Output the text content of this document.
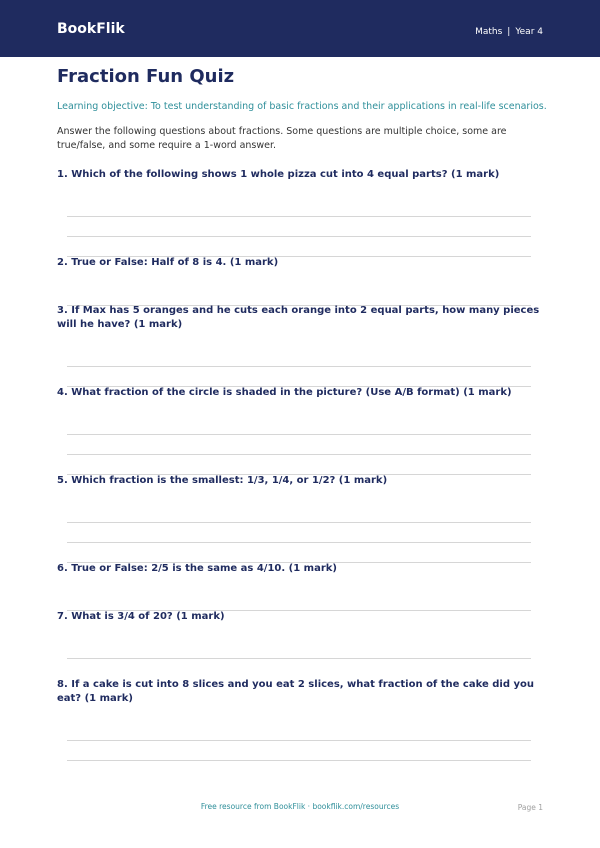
BookFlik	Maths | Year 4
Fraction Fun Quiz

Learning objective: To test understanding of basic fractions and their applications in real-life scenarios.

Answer the following questions about fractions. Some questions are multiple choice, some are true/false, and some require a 1-word answer.

1. Which of the following shows 1 whole pizza cut into 4 equal parts? (1 mark)

2. True or False: Half of 8 is 4. (1 mark)

3. If Max has 5 oranges and he cuts each orange into 2 equal parts, how many pieces will he have? (1 mark)

4. What fraction of the circle is shaded in the picture? (Use A/B format) (1 mark)

5. Which fraction is the smallest: 1/3, 1/4, or 1/2? (1 mark)

6. True or False: 2/5 is the same as 4/10. (1 mark)

7. What is 3/4 of 20? (1 mark)

8. If a cake is cut into 8 slices and you eat 2 slices, what fraction of the cake did you eat? (1 mark)

Free resource from BookFlik · bookflik.com/resources	Page 1
